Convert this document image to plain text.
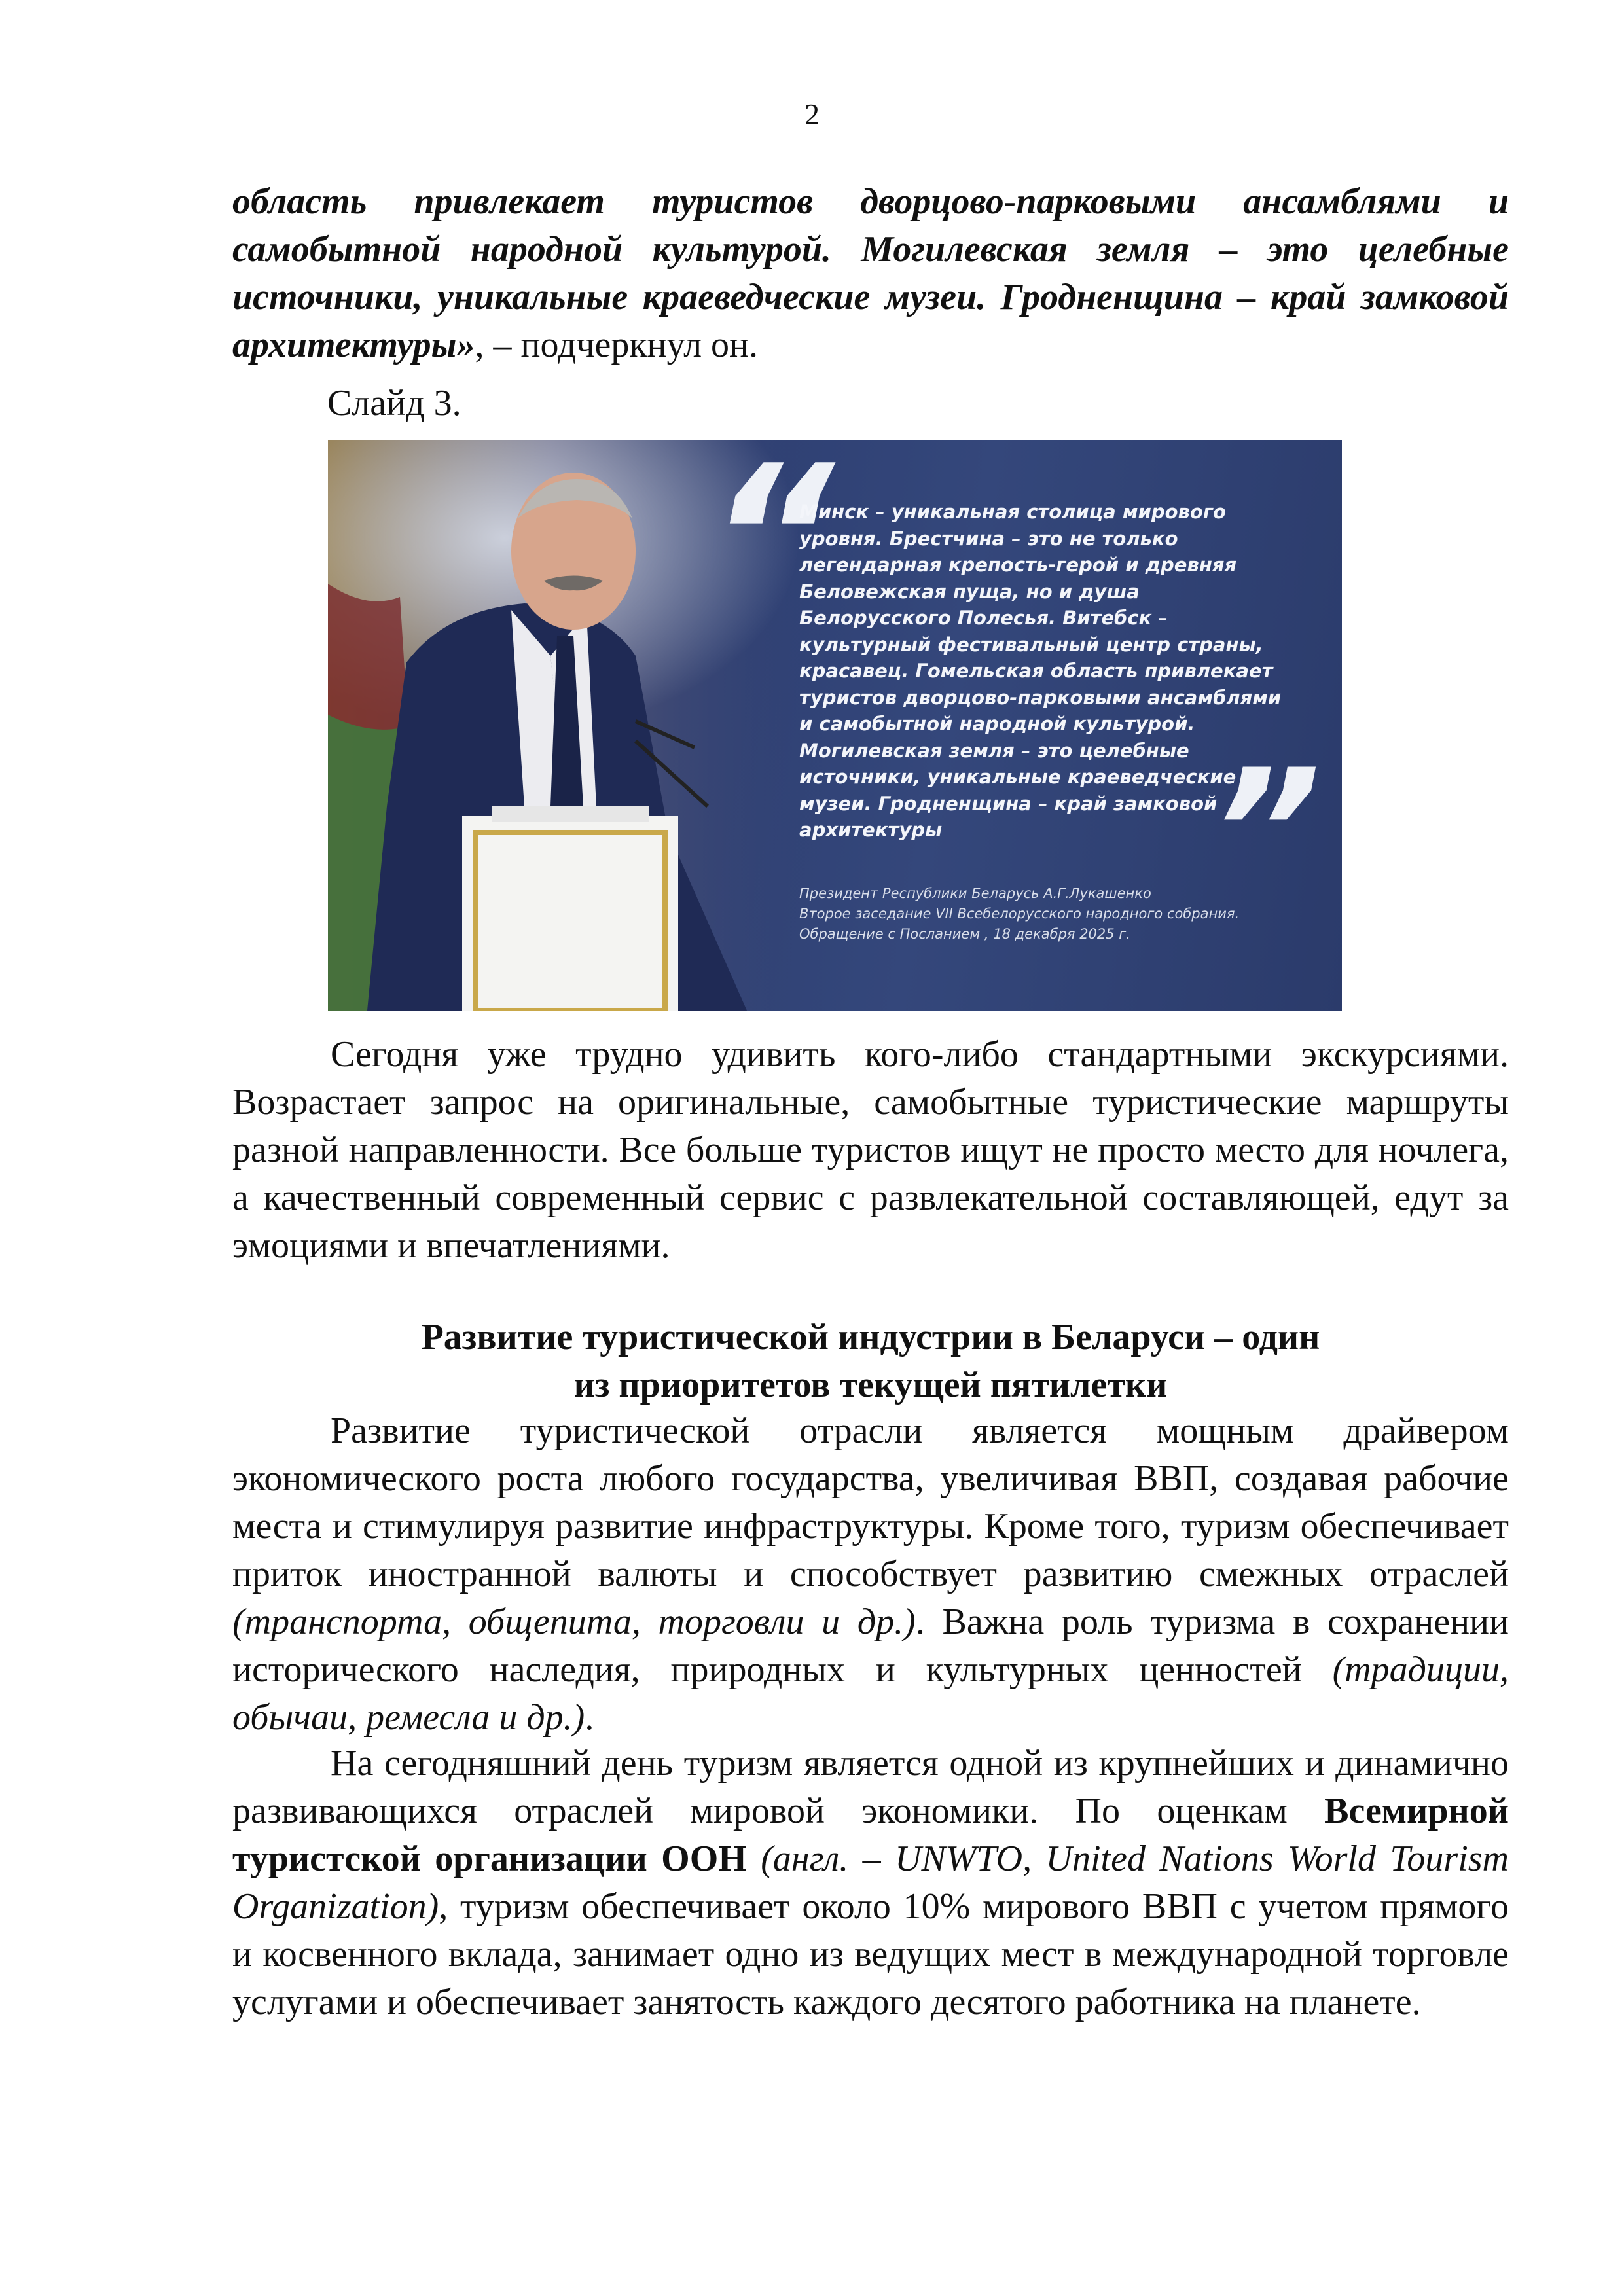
2

область привлекает туристов дворцово-парковыми ансамблями и самобытной народной культурой. Могилевская земля – это целебные источники, уникальные краеведческие музеи. Гродненщина – край замковой архитектуры», – подчеркнул он.

Слайд 3.

“
Минск – уникальная столица мирового уровня. Брестчина – это не только легендарная крепость-герой и древняя Беловежская пуща, но и душа Белорусского Полесья. Витебск – культурный фестивальный центр страны, красавец. Гомельская область привлекает туристов дворцово-парковыми ансамблями и самобытной народной культурой. Могилевская земля – это целебные источники, уникальные краеведческие музеи. Гродненщина – край замковой архитектуры	”
Президент Республики Беларусь А.Г.Лукашенко
Второе заседание VII Всебелорусского народного собрания. Обращение с Посланием , 18 декабря 2025 г.

Сегодня уже трудно удивить кого-либо стандартными экскурсиями. Возрастает запрос на оригинальные, самобытные туристические маршруты разной направленности. Все больше туристов ищут не просто место для ночлега, а качественный современный сервис с развлекательной составляющей, едут за эмоциями и впечатлениями.

Развитие туристической индустрии в Беларуси – один
из приоритетов текущей пятилетки

Развитие туристической отрасли является мощным драйвером экономического роста любого государства, увеличивая ВВП, создавая рабочие места и стимулируя развитие инфраструктуры. Кроме того, туризм обеспечивает приток иностранной валюты и способствует развитию смежных отраслей (транспорта, общепита, торговли и др.). Важна роль туризма в сохранении исторического наследия, природных и культурных ценностей (традиции, обычаи, ремесла и др.).

На сегодняшний день туризм является одной из крупнейших и динамично развивающихся отраслей мировой экономики. По оценкам Всемирной туристской организации ООН (англ. – UNWTO, United Nations World Tourism Organization), туризм обеспечивает около 10% мирового ВВП с учетом прямого и косвенного вклада, занимает одно из ведущих мест в международной торговле услугами и обеспечивает занятость каждого десятого работника на планете.
